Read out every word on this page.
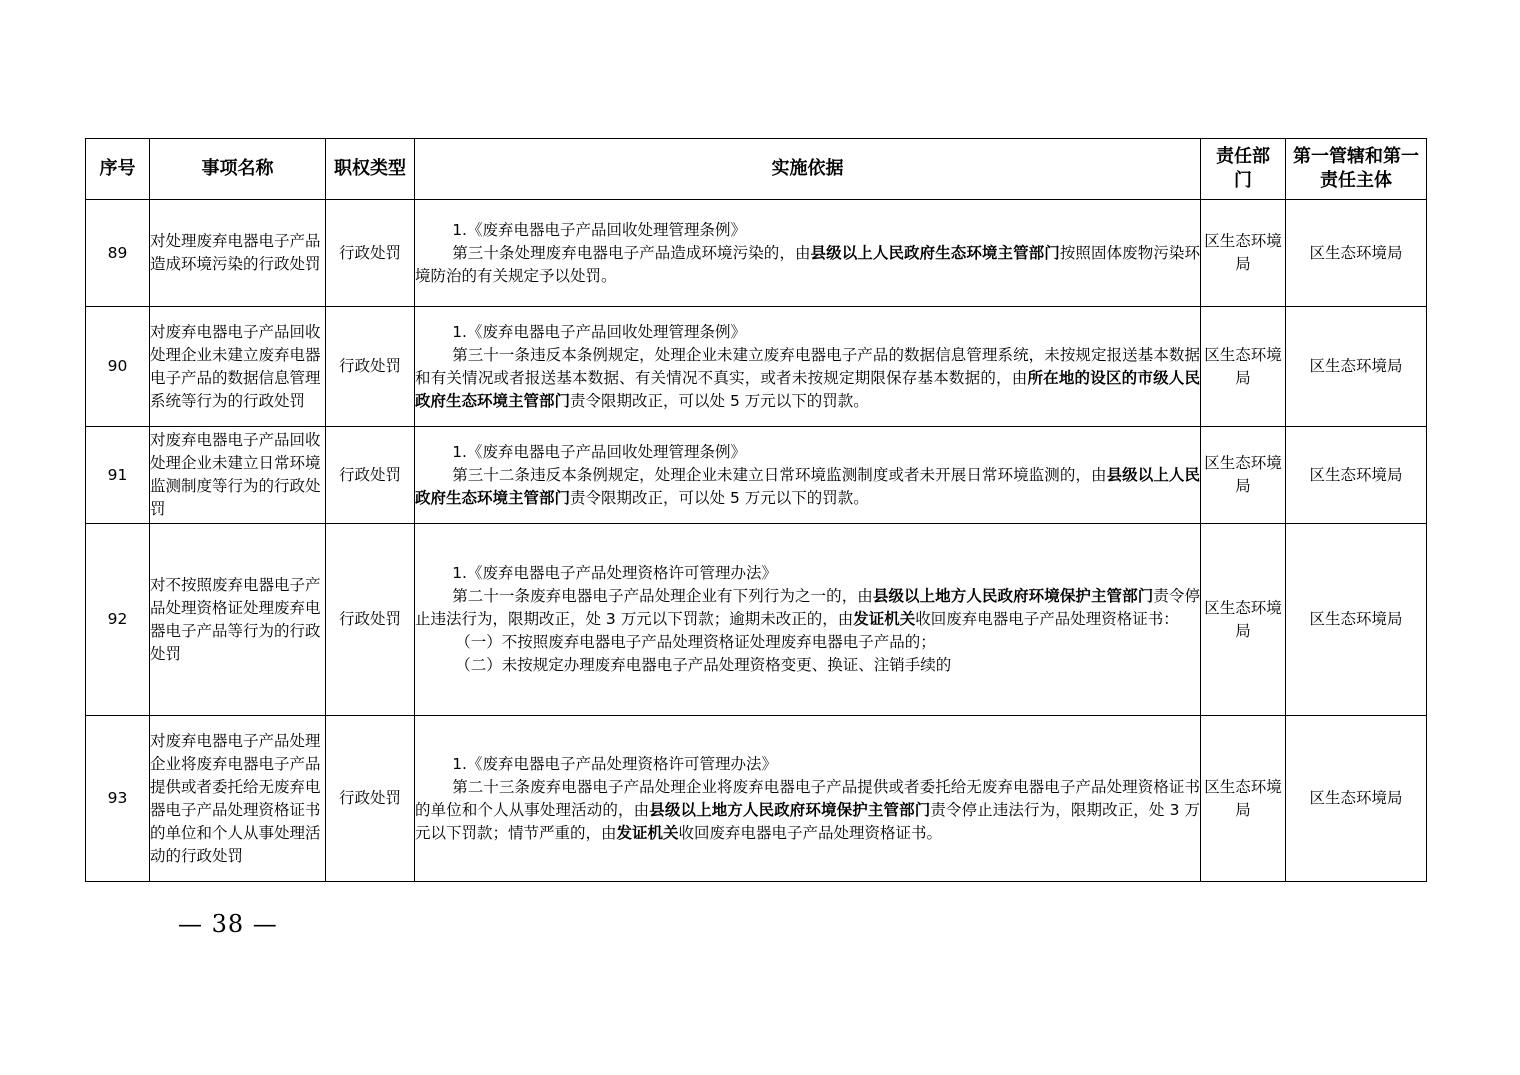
序号	事项名称	职权类型	实施依据	责任部门	第一管辖和第一责任主体
89	对处理废弃电器电子产品造成环境污染的行政处罚	行政处罚	1.《废弃电器电子产品回收处理管理条例》
第三十条处理废弃电器电子产品造成环境污染的，由县级以上人民政府生态环境主管部门按照固体废物污染环境防治的有关规定予以处罚。	区生态环境局	区生态环境局
90	对废弃电器电子产品回收处理企业未建立废弃电器电子产品的数据信息管理系统等行为的行政处罚	行政处罚	1.《废弃电器电子产品回收处理管理条例》
第三十一条违反本条例规定，处理企业未建立废弃电器电子产品的数据信息管理系统，未按规定报送基本数据和有关情况或者报送基本数据、有关情况不真实，或者未按规定期限保存基本数据的，由所在地的设区的市级人民政府生态环境主管部门责令限期改正，可以处 5 万元以下的罚款。	区生态环境局	区生态环境局
91	对废弃电器电子产品回收处理企业未建立日常环境监测制度等行为的行政处罚	行政处罚	1.《废弃电器电子产品回收处理管理条例》
第三十二条违反本条例规定，处理企业未建立日常环境监测制度或者未开展日常环境监测的，由县级以上人民政府生态环境主管部门责令限期改正，可以处 5 万元以下的罚款。	区生态环境局	区生态环境局
92	对不按照废弃电器电子产品处理资格证处理废弃电器电子产品等行为的行政处罚	行政处罚	1.《废弃电器电子产品处理资格许可管理办法》
第二十一条废弃电器电子产品处理企业有下列行为之一的，由县级以上地方人民政府环境保护主管部门责令停止违法行为，限期改正，处 3 万元以下罚款；逾期未改正的，由发证机关收回废弃电器电子产品处理资格证书：
（一）不按照废弃电器电子产品处理资格证处理废弃电器电子产品的；
（二）未按规定办理废弃电器电子产品处理资格变更、换证、注销手续的	区生态环境局	区生态环境局
93	对废弃电器电子产品处理企业将废弃电器电子产品提供或者委托给无废弃电器电子产品处理资格证书的单位和个人从事处理活动的行政处罚	行政处罚	1.《废弃电器电子产品处理资格许可管理办法》
第二十三条废弃电器电子产品处理企业将废弃电器电子产品提供或者委托给无废弃电器电子产品处理资格证书的单位和个人从事处理活动的，由县级以上地方人民政府环境保护主管部门责令停止违法行为，限期改正，处 3 万元以下罚款；情节严重的，由发证机关收回废弃电器电子产品处理资格证书。	区生态环境局	区生态环境局
— 38 —
